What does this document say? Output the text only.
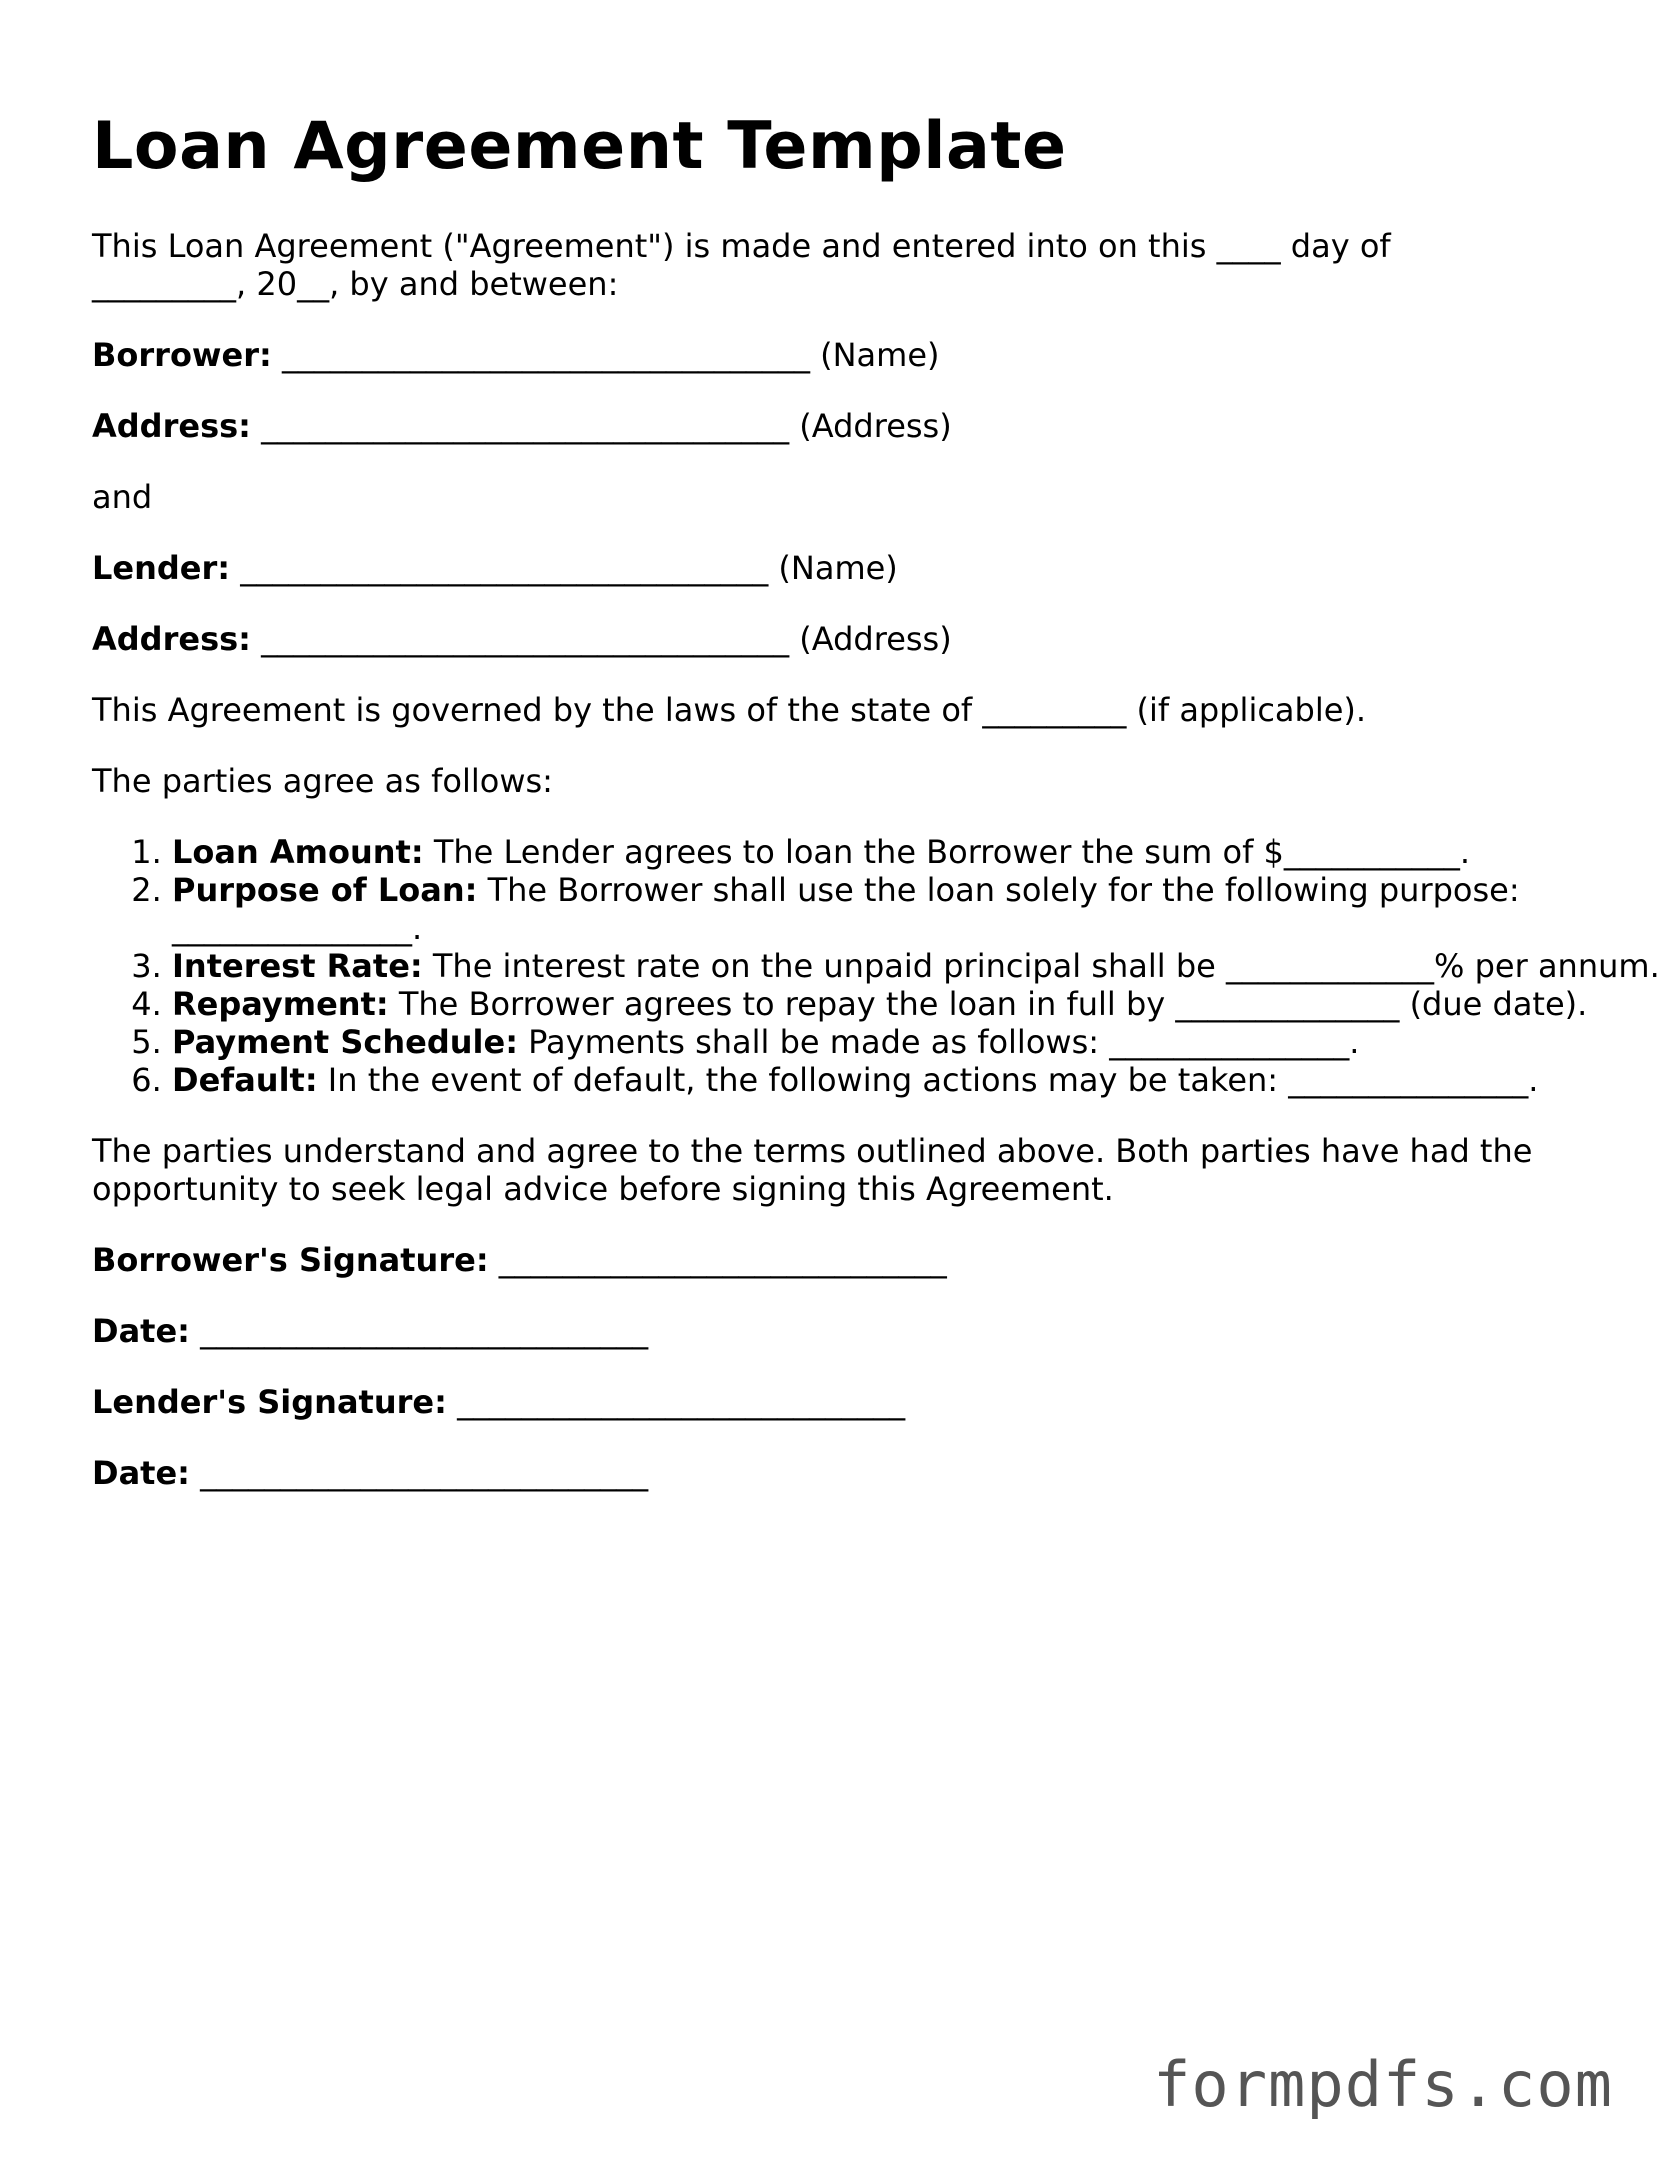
Loan Agreement Template

This Loan Agreement ("Agreement") is made and entered into on this ____ day of _________, 20__, by and between:

Borrower: _________________________________ (Name)

Address: _________________________________ (Address)

and

Lender: _________________________________ (Name)

Address: _________________________________ (Address)

This Agreement is governed by the laws of the state of _________ (if applicable).

The parties agree as follows:

1. Loan Amount: The Lender agrees to loan the Borrower the sum of $___________.
2. Purpose of Loan: The Borrower shall use the loan solely for the following purpose: _______________.
3. Interest Rate: The interest rate on the unpaid principal shall be _____________% per annum.
4. Repayment: The Borrower agrees to repay the loan in full by ______________ (due date).
5. Payment Schedule: Payments shall be made as follows: _______________.
6. Default: In the event of default, the following actions may be taken: _______________.

The parties understand and agree to the terms outlined above. Both parties have had the opportunity to seek legal advice before signing this Agreement.

Borrower's Signature: ____________________________

Date: ____________________________

Lender's Signature: ____________________________

Date: ____________________________

formpdfs.com
